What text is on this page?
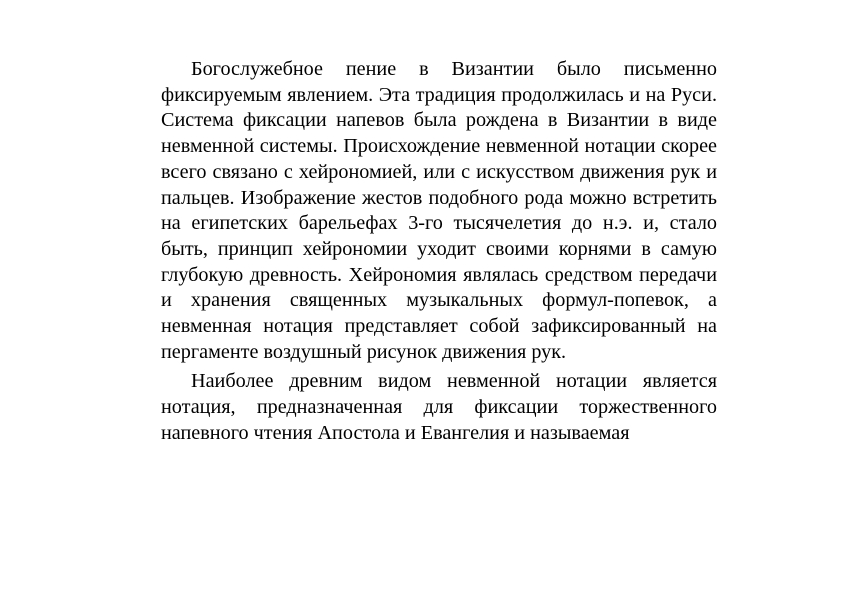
Богослужебное пение в Византии было письменно фиксируемым явлением. Эта традиция продолжилась и на Руси. Система фиксации напевов была рождена в Византии в виде невменной системы. Происхождение невменной нотации скорее всего связано с хейрономией, или с искусством движения рук и пальцев. Изображение жестов подобного рода можно встретить на египетских барельефах 3-го тысячелетия до н.э. и, стало быть, принцип хейрономии уходит своими корнями в самую глубокую древность. Хейрономия являлась средством передачи и хранения священных музыкальных формул-попевок, а невменная нотация представляет собой зафиксированный на пергаменте воздушный рисунок движения рук.

Наиболее древним видом невменной нотации является нотация, предназначенная для фиксации торжественного напевного чтения Апостола и Евангелия и называемая
